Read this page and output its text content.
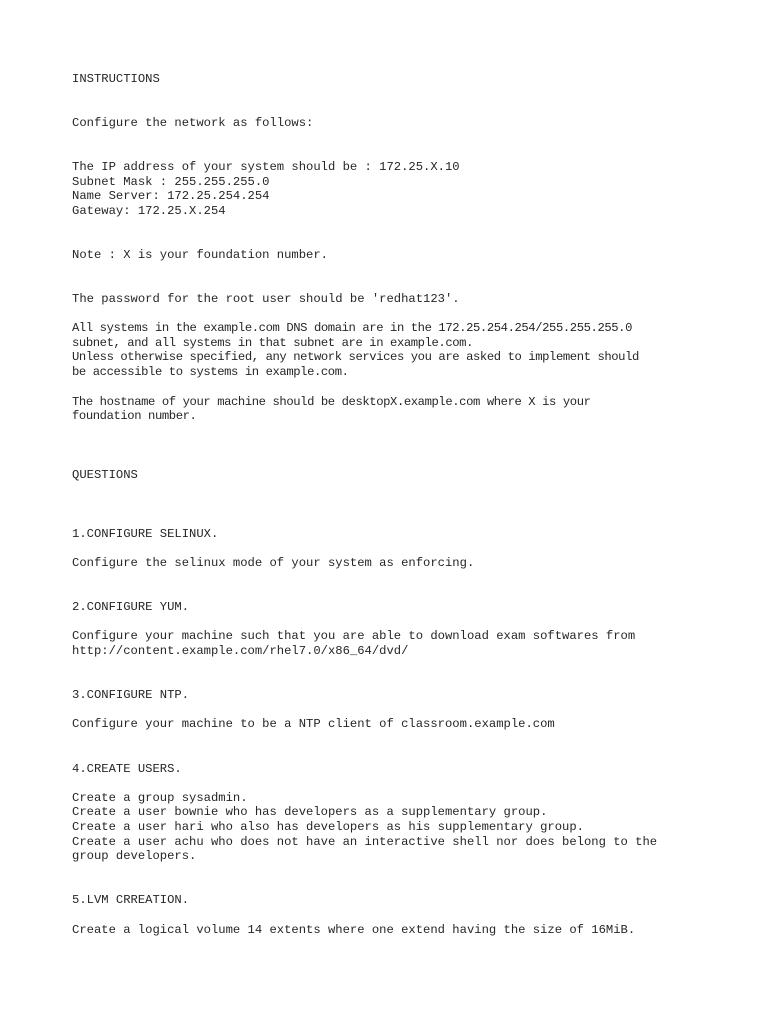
INSTRUCTIONS

Configure the network as follows:

The IP address of your system should be : 172.25.X.10

Subnet Mask : 255.255.255.0

Name Server: 172.25.254.254

Gateway: 172.25.X.254

Note : X is your foundation number.

The password for the root user should be 'redhat123'.

All systems in the example.com DNS domain are in the 172.25.254.254/255.255.255.0

subnet, and all systems in that subnet are in example.com.

Unless otherwise specified, any network services you are asked to implement should

be accessible to systems in example.com.

The hostname of your machine should be desktopX.example.com where X is your

foundation number.

QUESTIONS

1.CONFIGURE SELINUX.

Configure the selinux mode of your system as enforcing.

2.CONFIGURE YUM.

Configure your machine such that you are able to download exam softwares from

http://content.example.com/rhel7.0/x86_64/dvd/

3.CONFIGURE NTP.

Configure your machine to be a NTP client of classroom.example.com

4.CREATE USERS.

Create a group sysadmin.

Create a user bownie who has developers as a supplementary group.

Create a user hari who also has developers as his supplementary group.

Create a user achu who does not have an interactive shell nor does belong to the

group developers.

5.LVM CRREATION.

Create a logical volume 14 extents where one extend having the size of 16MiB.
